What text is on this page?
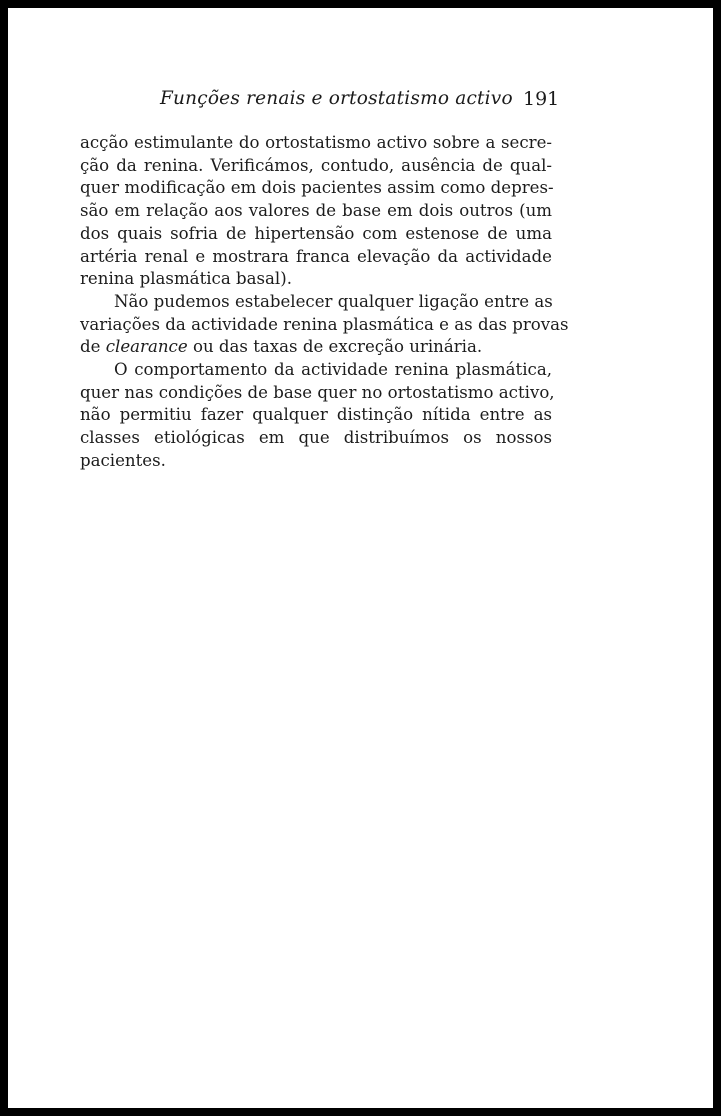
Funções renais e ortostatismo activo 191
acção estimulante do ortostatismo activo sobre a secre-
ção da renina. Verificámos, contudo, ausência de qual-
quer modificação em dois pacientes assim como depres-
são em relação aos valores de base em dois outros (um
dos quais sofria de hipertensão com estenose de uma
artéria renal e mostrara franca elevação da actividade
renina plasmática basal).
Não pudemos estabelecer qualquer ligação entre as
variações da actividade renina plasmática e as das provas
de clearance ou das taxas de excreção urinária.
O comportamento da actividade renina plasmática,
quer nas condições de base quer no ortostatismo activo,
não permitiu fazer qualquer distinção nítida entre as
classes etiológicas em que distribuímos os nossos
pacientes.
